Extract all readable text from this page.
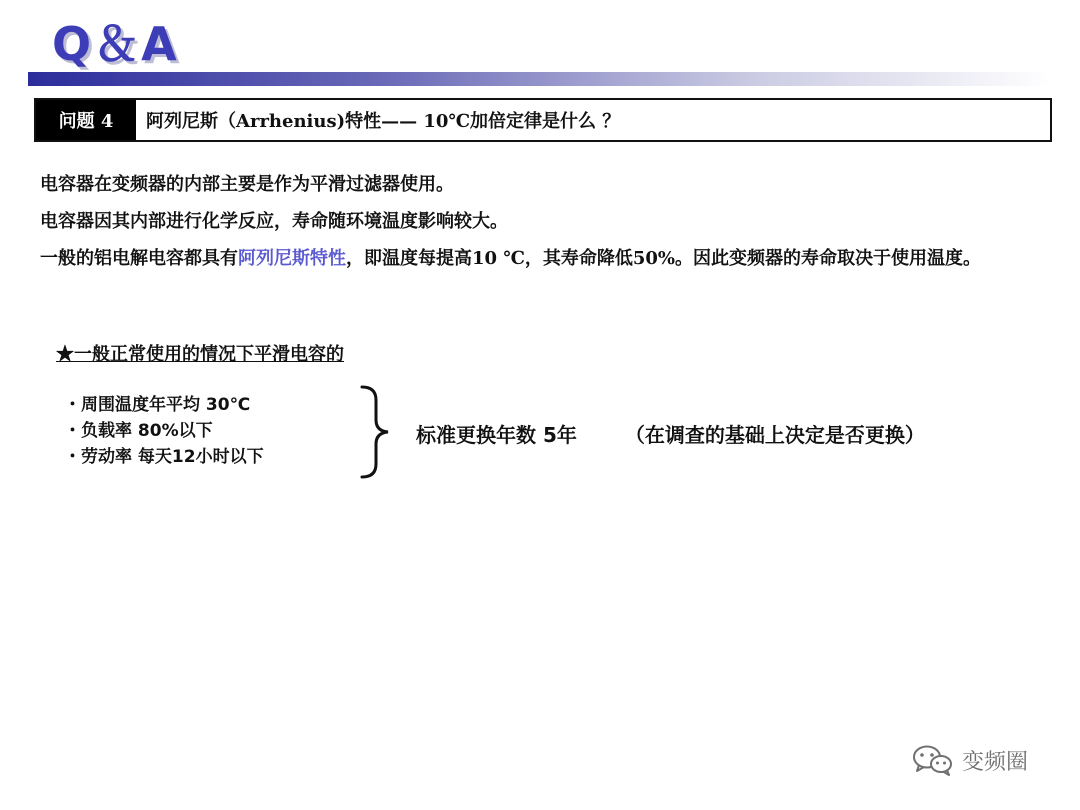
Q＆A
问题 4	阿列尼斯（Arrhenius)特性—— 10℃加倍定律是什么 ？

电容器在变频器的内部主要是作为平滑过滤器使用。

电容器因其内部进行化学反应，寿命随环境温度影响较大。

一般的铝电解电容都具有阿列尼斯特性，即温度每提高10 ℃，其寿命降低50%。因此变频器的寿命取决于使用温度。

★一般正常使用的情况下平滑电容的
・周围温度年平均 30℃
・负载率 80%以下
・劳动率 每天12小时以下
标准更换年数 5年 （在调查的基础上决定是否更换）
变频圈
